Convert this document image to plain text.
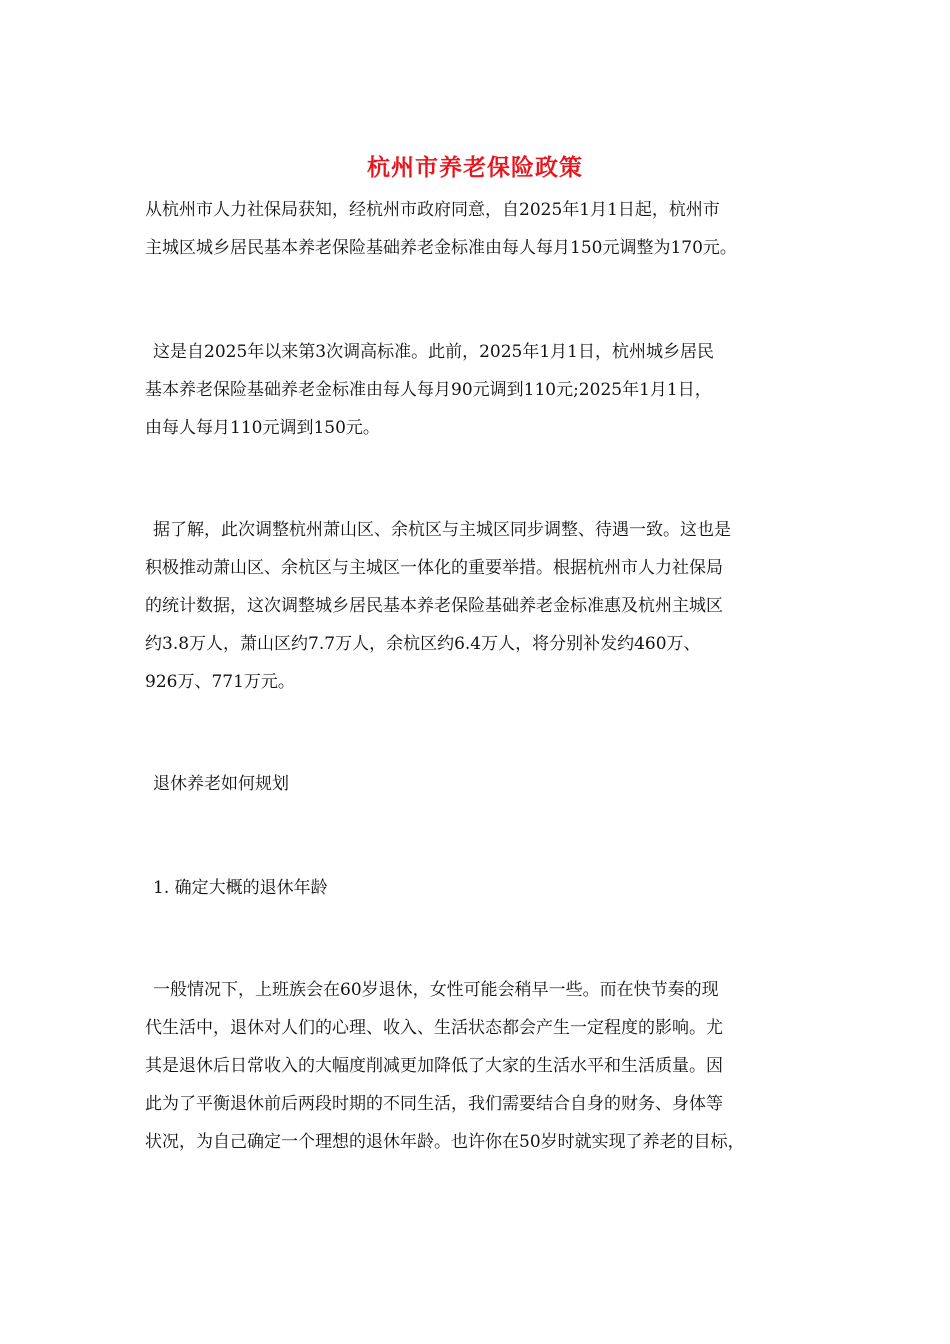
杭州市养老保险政策
从杭州市人力社保局获知，经杭州市政府同意，自2025年1月1日起，杭州市
主城区城乡居民基本养老保险基础养老金标准由每人每月150元调整为170元。
这是自2025年以来第3次调高标准。此前，2025年1月1日，杭州城乡居民
基本养老保险基础养老金标准由每人每月90元调到110元;2025年1月1日，
由每人每月110元调到150元。
据了解，此次调整杭州萧山区、余杭区与主城区同步调整、待遇一致。这也是
积极推动萧山区、余杭区与主城区一体化的重要举措。根据杭州市人力社保局
的统计数据，这次调整城乡居民基本养老保险基础养老金标准惠及杭州主城区
约3.8万人，萧山区约7.7万人，余杭区约6.4万人，将分别补发约460万、
926万、771万元。
退休养老如何规划
1. 确定大概的退休年龄
一般情况下，上班族会在60岁退休，女性可能会稍早一些。而在快节奏的现
代生活中，退休对人们的心理、收入、生活状态都会产生一定程度的影响。尤
其是退休后日常收入的大幅度削减更加降低了大家的生活水平和生活质量。因
此为了平衡退休前后两段时期的不同生活，我们需要结合自身的财务、身体等
状况，为自己确定一个理想的退休年龄。也许你在50岁时就实现了养老的目标，
